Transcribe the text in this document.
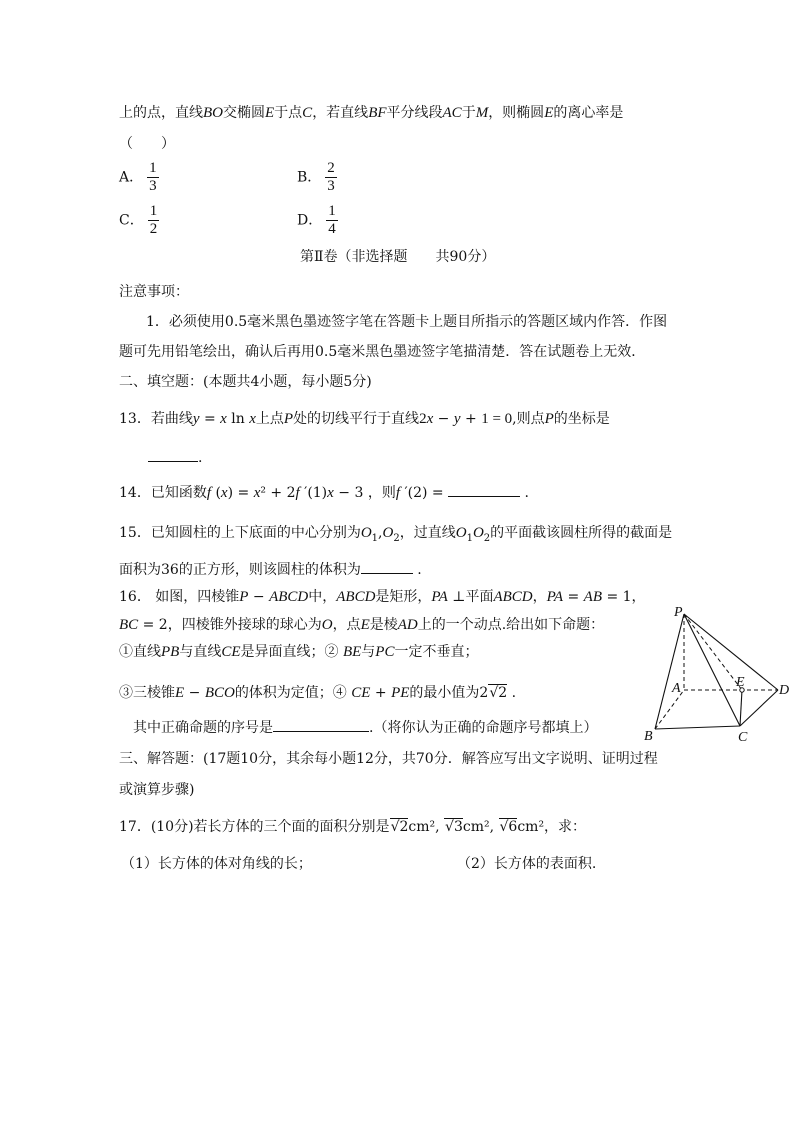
上的点，直线BO交椭圆E于点C，若直线BF平分线段AC于M，则椭圆E的离心率是
（　　）
A． $\frac{1}{3}$	B． $\frac{2}{3}$
C． $\frac{1}{2}$	D． $\frac{1}{4}$
第Ⅱ卷（非选择题　　共90分）
注意事项：
1．必须使用0.5毫米黑色墨迹签字笔在答题卡上题目所指示的答题区域内作答．作图
题可先用铅笔绘出，确认后再用0.5毫米黑色墨迹签字笔描清楚．答在试题卷上无效．
二、填空题：(本题共4小题，每小题5分)
13．若曲线y = x ln x上点P处的切线平行于直线2x − y + 1 = 0,则点P的坐标是
.
14．已知函数f (x) = x² + 2f ′(1)x − 3 ，则f ′(2) =	.
15．已知圆柱的上下底面的中心分别为$O_1,O_2$，过直线$O_1O_2$的平面截该圆柱所得的截面是
面积为36的正方形，则该圆柱的体积为	.
16． 如图，四棱锥P − ABCD中，ABCD是矩形，PA ⊥平面ABCD，PA = AB = 1，
BC = 2，四棱锥外接球的球心为O，点E是棱AD上的一个动点.给出如下命题：
①直线PB与直线CE是异面直线；② BE与PC一定不垂直；
③三棱锥E − BCO的体积为定值；④ CE + PE的最小值为2√2 .
其中正确命题的序号是	.（将你认为正确的命题序号都填上）
P
A	E
D
B	C
三、解答题：(17题10分，其余每小题12分，共70分．解答应写出文字说明、证明过程
或演算步骤)
17．(10分)若长方体的三个面的面积分别是√2cm², √3cm², √6cm²，求：
（1）长方体的体对角线的长；	（2）长方体的表面积.
